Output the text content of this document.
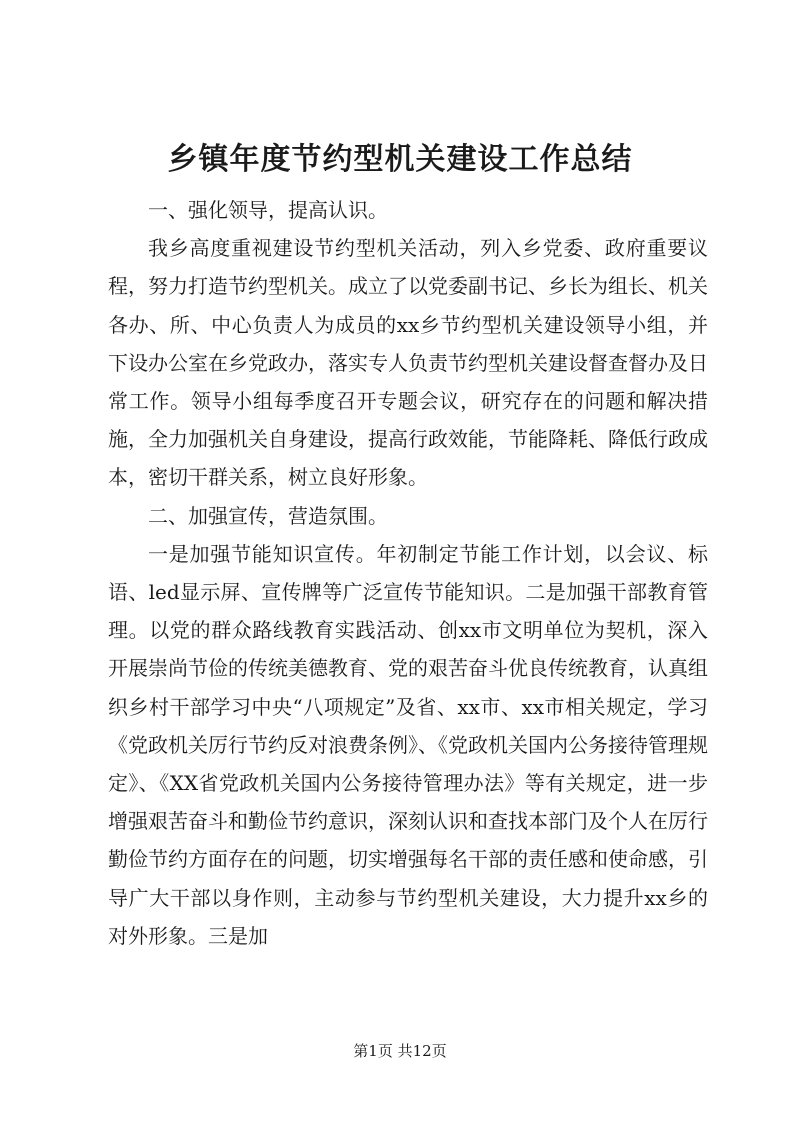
乡镇年度节约型机关建设工作总结

一、强化领导，提高认识。

我乡高度重视建设节约型机关活动，列入乡党委、政府重要议程，努力打造节约型机关。成立了以党委副书记、乡长为组长、机关各办、所、中心负责人为成员的xx乡节约型机关建设领导小组，并下设办公室在乡党政办，落实专人负责节约型机关建设督查督办及日常工作。领导小组每季度召开专题会议，研究存在的问题和解决措施，全力加强机关自身建设，提高行政效能，节能降耗、降低行政成本，密切干群关系，树立良好形象。

二、加强宣传，营造氛围。

一是加强节能知识宣传。年初制定节能工作计划，以会议、标语、led显示屏、宣传牌等广泛宣传节能知识。二是加强干部教育管理。以党的群众路线教育实践活动、创xx市文明单位为契机，深入开展崇尚节俭的传统美德教育、党的艰苦奋斗优良传统教育，认真组织乡村干部学习中央“八项规定”及省、xx市、xx市相关规定，学习《党政机关厉行节约反对浪费条例》、《党政机关国内公务接待管理规定》、《XX省党政机关国内公务接待管理办法》等有关规定，进一步增强艰苦奋斗和勤俭节约意识，深刻认识和查找本部门及个人在厉行勤俭节约方面存在的问题，切实增强每名干部的责任感和使命感，引导广大干部以身作则，主动参与节约型机关建设，大力提升xx乡的对外形象。三是加

第1页 共12页
